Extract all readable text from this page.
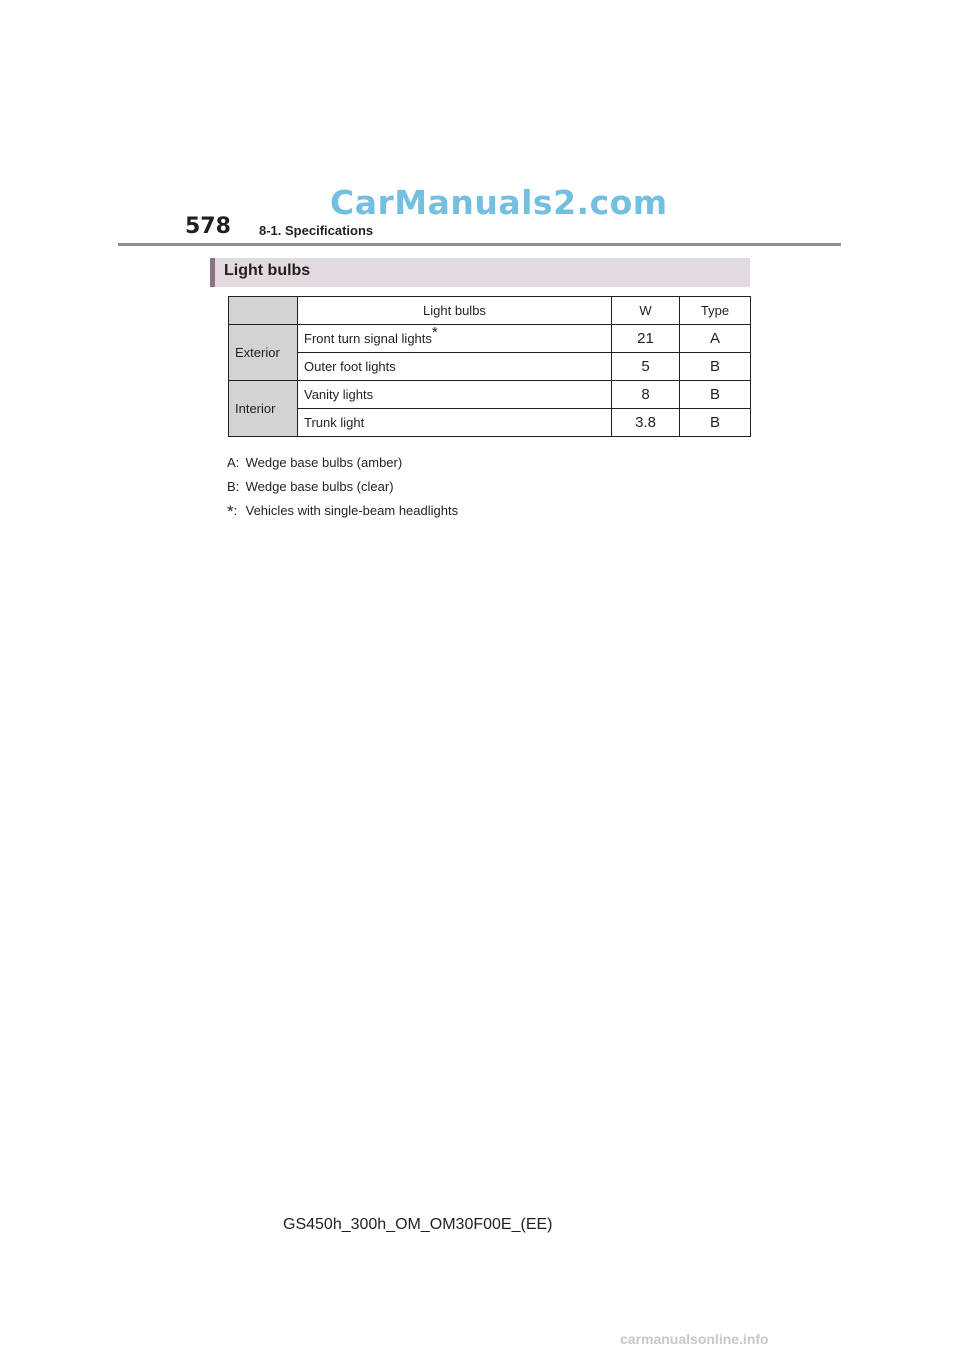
CarManuals2.com
578 8-1. Specifications
Light bulbs
	Light bulbs	W	Type
Exterior	Front turn signal lights*	21	A
	Outer foot lights	5	B
Interior	Vanity lights	8	B
	Trunk light	3.8	B
A: Wedge base bulbs (amber)
B: Wedge base bulbs (clear)
*: Vehicles with single-beam headlights
GS450h_300h_OM_OM30F00E_(EE)
carmanualsonline.info
